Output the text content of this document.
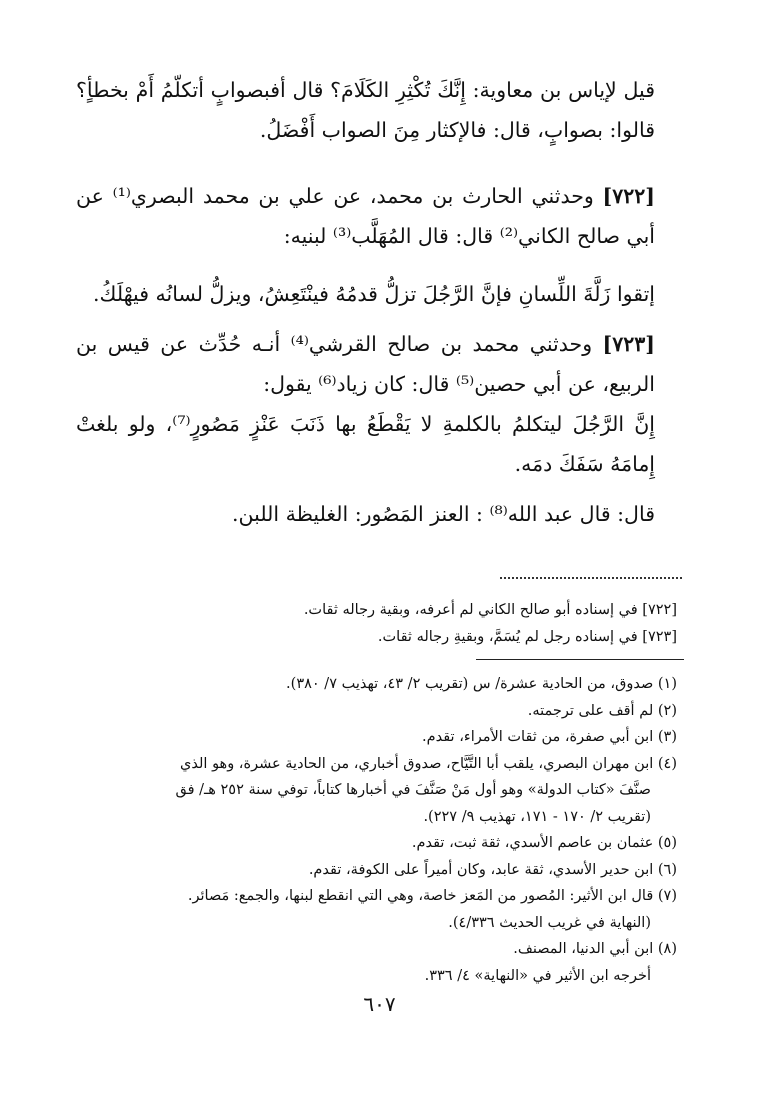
قيل لإياس بن معاوية: إِنَّكَ تُكْثِرِ الكَلَامَ؟ قال أفبصوابٍ أتكلّمُ أَمْ بخطأٍ؟ قالوا: بصوابٍ، قال: فالإكثار مِنَ الصواب أَفْضَلُ.

[٧٢٢] وحدثني الحارث بن محمد، عن علي بن محمد البصري⁽¹⁾ عن أبي صالح الكاني⁽²⁾ قال: قال المُهَلَّب⁽³⁾ لبنيه:

إتقوا زَلَّةَ اللِّسانِ فإنَّ الرَّجُلَ تزلُّ قدمُهُ فينْتَعِشُ، ويزلُّ لسانُه فيهْلَكُ.

[٧٢٣] وحدثني محمد بن صالح القرشي⁽⁴⁾ أنـه حُدِّث عن قيس بن الربيع، عن أبي حصين⁽⁵⁾ قال: كان زياد⁽⁶⁾ يقول:

إِنَّ الرَّجُلَ ليتكلمُ بالكلمةِ لا يَقْطَعُ بها ذَنَبَ عَنْزٍ مَصُورٍ⁽⁷⁾، ولو بلغتْ إِمامَهُ سَفَكَ دمَه.

قال: قال عبد الله⁽⁸⁾ : العنز المَصُور: الغليظة اللبن.

[٧٢٢] في إسناده أبو صالح الكاني لم أعرفه، وبقية رجاله ثقات.
[٧٢٣] في إسناده رجل لم يُسَمَّ، وبقيةِ رجاله ثقات.

(١) صدوق، من الحادية عشرة/ س (تقريب ٢/ ٤٣، تهذيب ٧/ ٣٨٠).

(٢) لم أقف على ترجمته.

(٣) ابن أبي صفرة، من ثقات الأمراء، تقدم.

(٤) ابن مهران البصري، يلقب أبا التَّيَّاح، صدوق أخباري، من الحادية عشرة، وهو الذي

صنَّفَ «كتاب الدولة» وهو أول مَنْ صَنَّفَ في أخبارها كتاباً، توفي سنة ٢٥٢ هـ/ فق

(تقريب ٢/ ١٧٠ - ١٧١، تهذيب ٩/ ٢٢٧).

(٥) عثمان بن عاصم الأسدي، ثقة ثبت، تقدم.

(٦) ابن حدير الأسدي، ثقة عابد، وكان أميراً على الكوفة، تقدم.

(٧) قال ابن الأثير: المُصور من المَعز خاصة، وهي التي انقطع لبنها، والجمع: مَصائر.

(النهاية في غريب الحديث ٤/٣٣٦).

(٨) ابن أبي الدنيا، المصنف.

أخرجه ابن الأثير في «النهاية» ٤/ ٣٣٦.

٦٠٧
